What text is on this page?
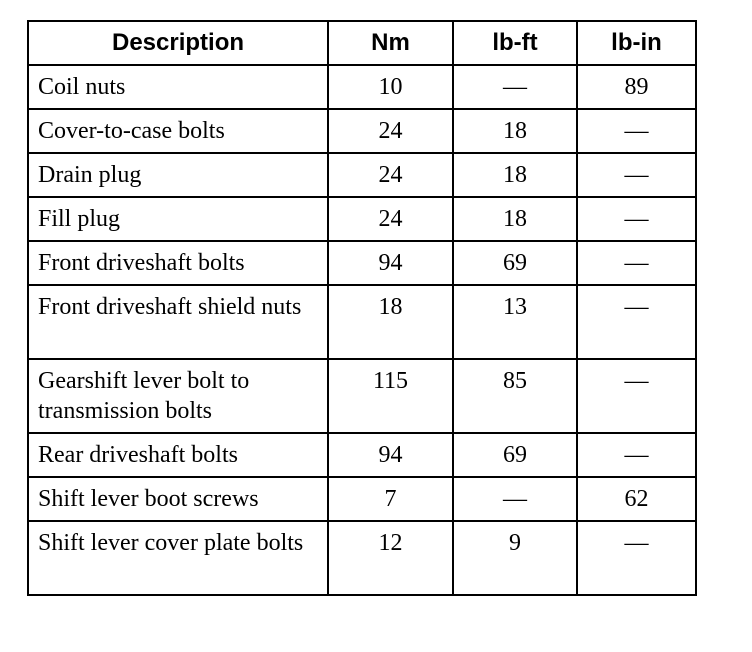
Description	Nm	lb-ft	lb-in
Coil nuts	10	—	89
Cover-to-case bolts	24	18	—
Drain plug	24	18	—
Fill plug	24	18	—
Front driveshaft bolts	94	69	—
Front driveshaft shield nuts	18	13	—
Gearshift lever bolt to transmission bolts	115	85	—
Rear driveshaft bolts	94	69	—
Shift lever boot screws	7	—	62
Shift lever cover plate bolts	12	9	—
